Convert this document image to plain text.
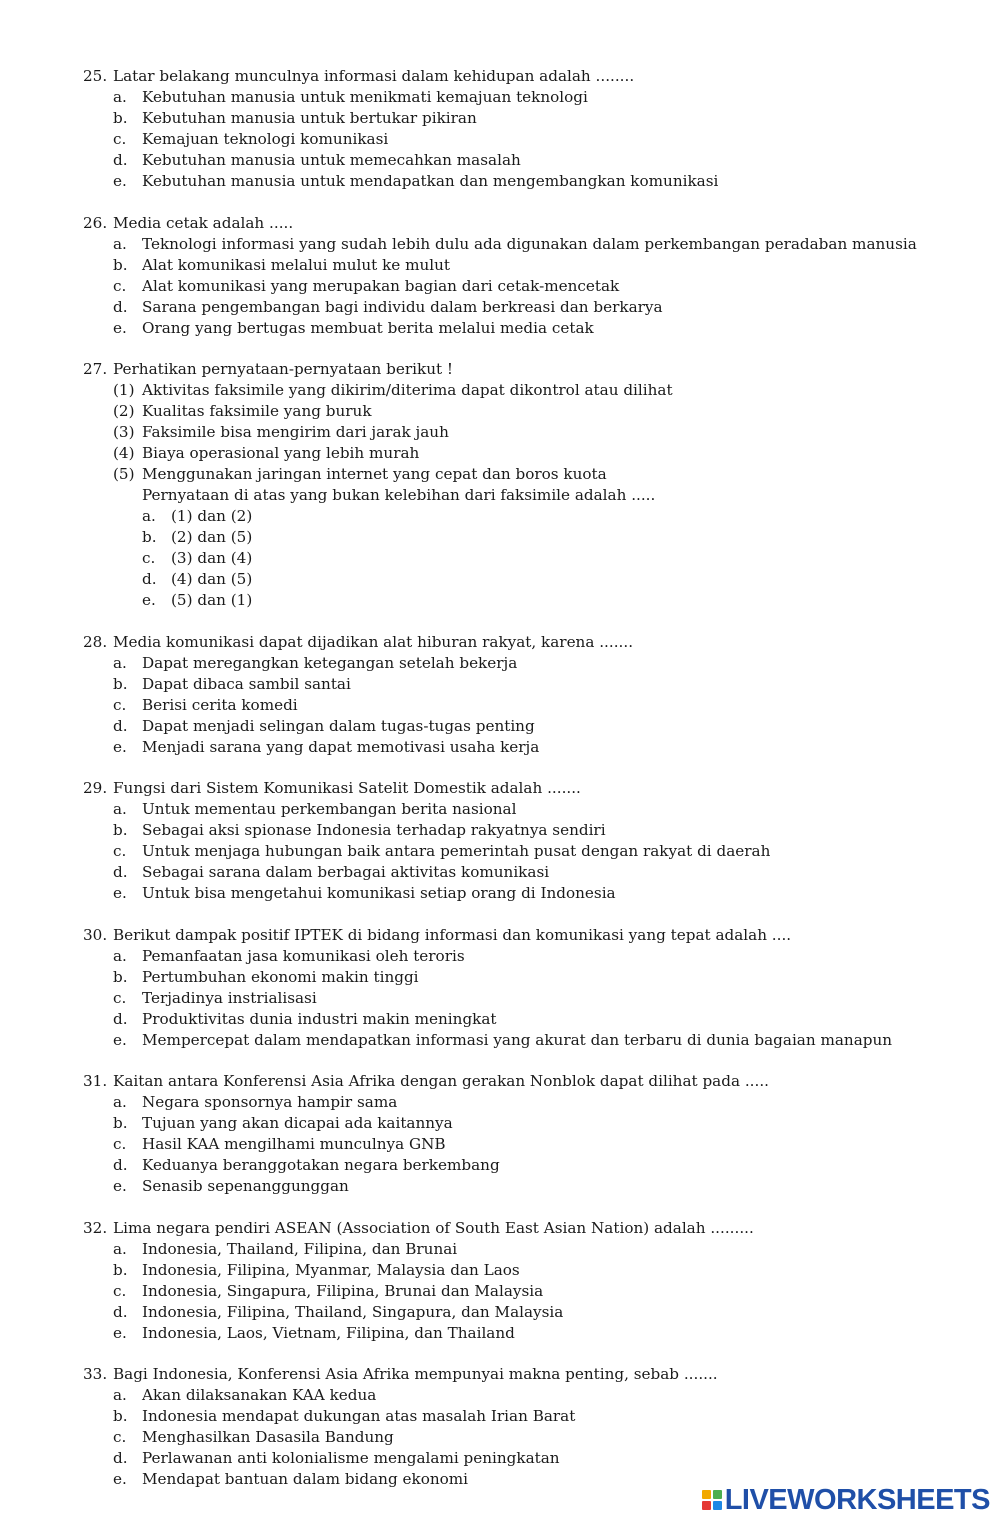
25. Latar belakang munculnya informasi dalam kehidupan adalah ........
a. Kebutuhan manusia untuk menikmati kemajuan teknologi
b. Kebutuhan manusia untuk bertukar pikiran
c. Kemajuan teknologi komunikasi
d. Kebutuhan manusia untuk memecahkan masalah
e. Kebutuhan manusia untuk mendapatkan dan mengembangkan komunikasi
26. Media cetak adalah .....
a. Teknologi informasi yang sudah lebih dulu ada digunakan dalam perkembangan peradaban manusia
b. Alat komunikasi melalui mulut ke mulut
c. Alat komunikasi yang merupakan bagian dari cetak-mencetak
d. Sarana pengembangan bagi individu dalam berkreasi dan berkarya
e. Orang yang bertugas membuat berita melalui media cetak
27. Perhatikan pernyataan-pernyataan berikut !
(1) Aktivitas faksimile yang dikirim/diterima dapat dikontrol atau dilihat
(2) Kualitas faksimile yang buruk
(3) Faksimile bisa mengirim dari jarak jauh
(4) Biaya operasional yang lebih murah
(5) Menggunakan jaringan internet yang cepat dan boros kuota
Pernyataan di atas yang bukan kelebihan dari faksimile adalah .....
a. (1) dan (2)
b. (2) dan (5)
c. (3) dan (4)
d. (4) dan (5)
e. (5) dan (1)
28. Media komunikasi dapat dijadikan alat hiburan rakyat, karena .......
a. Dapat meregangkan ketegangan setelah bekerja
b. Dapat dibaca sambil santai
c. Berisi cerita komedi
d. Dapat menjadi selingan dalam tugas-tugas penting
e. Menjadi sarana yang dapat memotivasi usaha kerja
29. Fungsi dari Sistem Komunikasi Satelit Domestik adalah .......
a. Untuk mementau perkembangan berita nasional
b. Sebagai aksi spionase Indonesia terhadap rakyatnya sendiri
c. Untuk menjaga hubungan baik antara pemerintah pusat dengan rakyat di daerah
d. Sebagai sarana dalam berbagai aktivitas komunikasi
e. Untuk bisa mengetahui komunikasi setiap orang di Indonesia
30. Berikut dampak positif IPTEK di bidang informasi dan komunikasi yang tepat adalah ....
a. Pemanfaatan jasa komunikasi oleh teroris
b. Pertumbuhan ekonomi makin tinggi
c. Terjadinya instrialisasi
d. Produktivitas dunia industri makin meningkat
e. Mempercepat dalam mendapatkan informasi yang akurat dan terbaru di dunia bagaian manapun
31. Kaitan antara Konferensi Asia Afrika dengan gerakan Nonblok dapat dilihat pada .....
a. Negara sponsornya hampir sama
b. Tujuan yang akan dicapai ada kaitannya
c. Hasil KAA mengilhami munculnya GNB
d. Keduanya beranggotakan negara berkembang
e. Senasib sepenanggunggan
32. Lima negara pendiri ASEAN (Association of South East Asian Nation) adalah .........
a. Indonesia, Thailand, Filipina, dan Brunai
b. Indonesia, Filipina, Myanmar, Malaysia dan Laos
c. Indonesia, Singapura, Filipina, Brunai dan Malaysia
d. Indonesia, Filipina, Thailand, Singapura, dan Malaysia
e. Indonesia, Laos, Vietnam, Filipina, dan Thailand
33. Bagi Indonesia, Konferensi Asia Afrika mempunyai makna penting, sebab .......
a. Akan dilaksanakan KAA kedua
b. Indonesia mendapat dukungan atas masalah Irian Barat
c. Menghasilkan Dasasila Bandung
d. Perlawanan anti kolonialisme mengalami peningkatan
e. Mendapat bantuan dalam bidang ekonomi
LIVEWORKSHEETS
